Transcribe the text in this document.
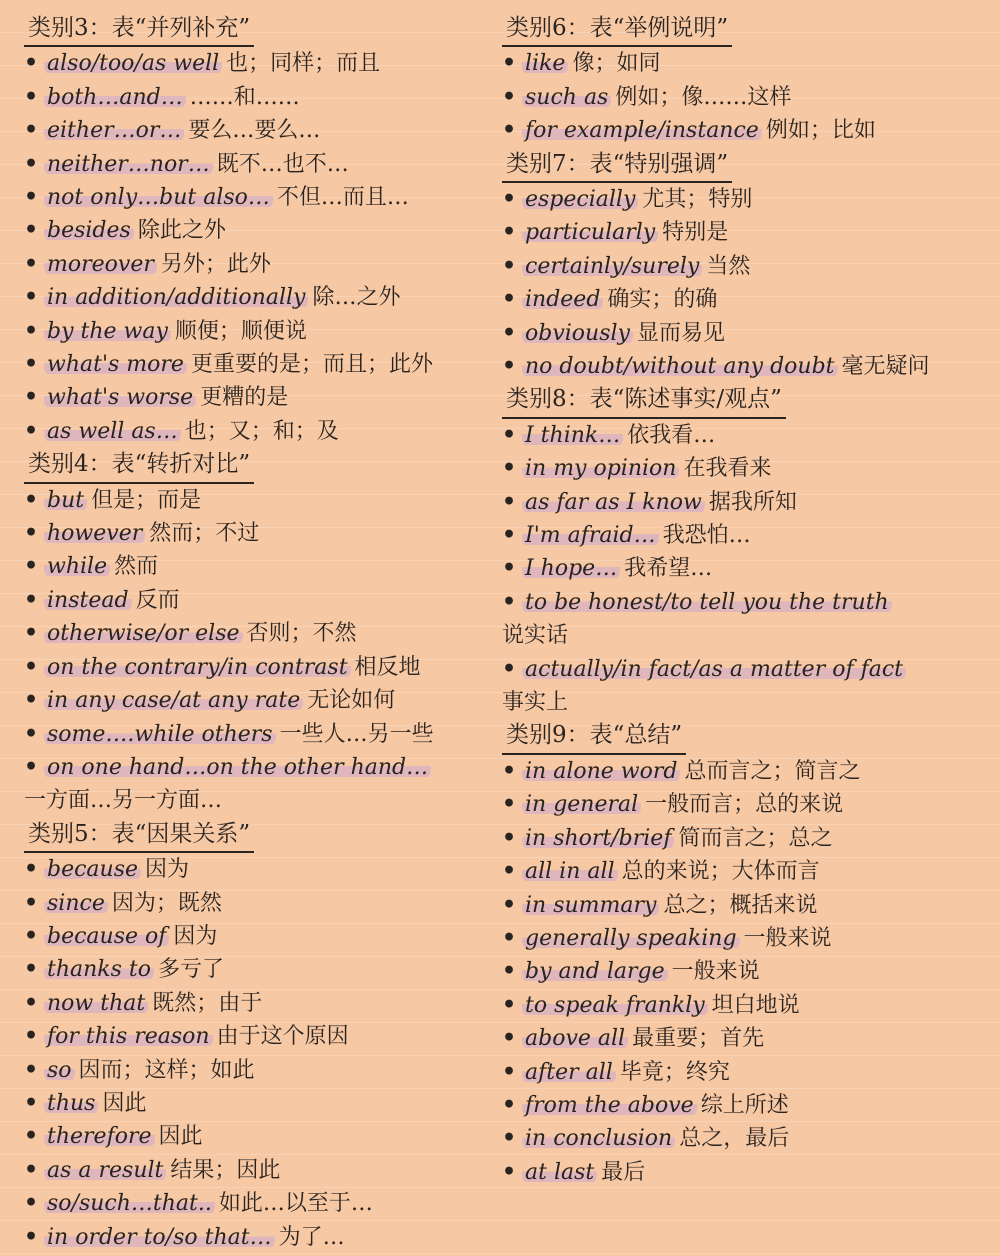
类别3：表“并列补充”
• also/too/as well 也；同样；而且
• both…and… ……和……
• either…or… 要么…要么…
• neither…nor… 既不…也不…
• not only…but also… 不但…而且…
• besides 除此之外
• moreover 另外；此外
• in addition/additionally 除…之外
• by the way 顺便；顺便说
• what's more 更重要的是；而且；此外
• what's worse 更糟的是
• as well as… 也；又；和；及
类别4：表“转折对比”
• but 但是；而是
• however 然而；不过
• while 然而
• instead 反而
• otherwise/or else 否则；不然
• on the contrary/in contrast 相反地
• in any case/at any rate 无论如何
• some….while others 一些人…另一些
• on one hand…on the other hand…
一方面…另一方面…
类别5：表“因果关系”
• because 因为
• since 因为；既然
• because of 因为
• thanks to 多亏了
• now that 既然；由于
• for this reason 由于这个原因
• so 因而；这样；如此
• thus 因此
• therefore 因此
• as a result 结果；因此
• so/such…that.. 如此…以至于…
• in order to/so that… 为了…
类别6：表“举例说明”
• like 像；如同
• such as 例如；像……这样
• for example/instance 例如；比如
类别7：表“特别强调”
• especially 尤其；特别
• particularly 特别是
• certainly/surely 当然
• indeed 确实；的确
• obviously 显而易见
• no doubt/without any doubt 毫无疑问
类别8：表“陈述事实/观点”
• I think… 依我看…
• in my opinion 在我看来
• as far as I know 据我所知
• I'm afraid… 我恐怕…
• I hope… 我希望…
• to be honest/to tell you the truth
说实话
• actually/in fact/as a matter of fact
事实上
类别9：表“总结”
• in alone word 总而言之；简言之
• in general 一般而言；总的来说
• in short/brief 简而言之；总之
• all in all 总的来说；大体而言
• in summary 总之；概括来说
• generally speaking 一般来说
• by and large 一般来说
• to speak frankly 坦白地说
• above all 最重要；首先
• after all 毕竟；终究
• from the above 综上所述
• in conclusion 总之，最后
• at last 最后
